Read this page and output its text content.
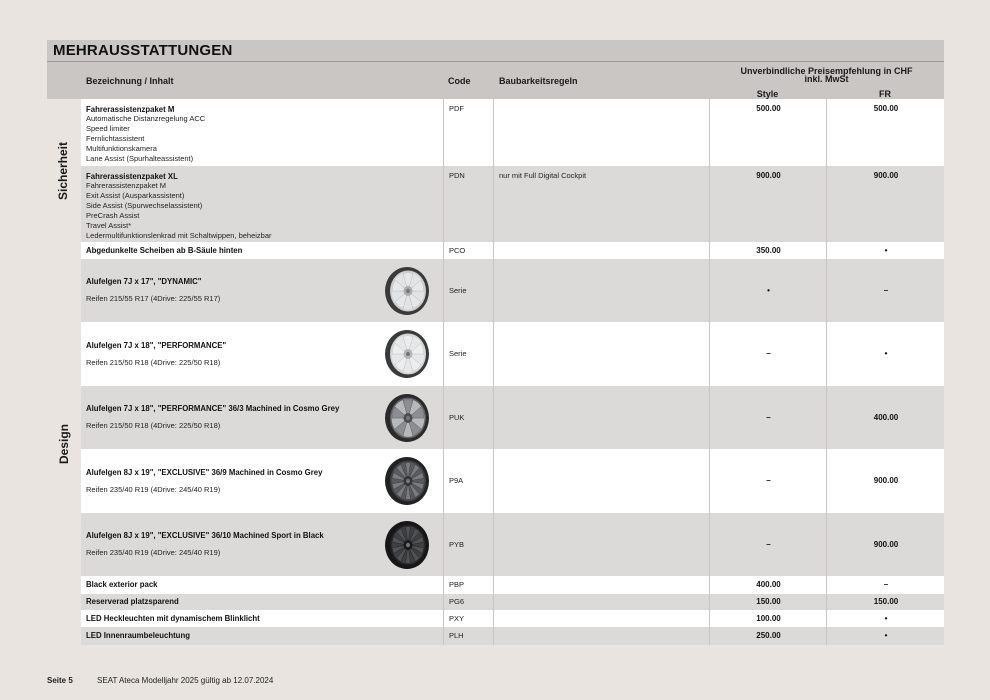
MEHRAUSSTATTUNGEN
Bezeichnung / Inhalt	Code	Baubarkeitsregeln
Unverbindliche Preisempfehlung in CHF
inkl. MwSt
Style	FR
Sicherheit
Design
Fahrerassistenzpaket M
Automatische Distanzregelung ACC
Speed limiter
Fernlichtassistent
Multifunktionskamera
Lane Assist (Spurhalteassistent)
PDF	500.00	500.00
Fahrerassistenzpaket XL
Fahrerassistenzpaket M
Exit Assist (Ausparkassistent)
Side Assist (Spurwechselassistent)
PreCrash Assist
Travel Assist*
Ledermultifunktionslenkrad mit Schaltwippen, beheizbar
PDN	nur mit Full Digital Cockpit	900.00	900.00
Abgedunkelte Scheiben ab B-Säule hinten	PCO	350.00	•
Alufelgen 7J x 17", "DYNAMIC"
Reifen 215/55 R17 (4Drive: 225/55 R17)
Serie	•	–
Alufelgen 7J x 18", "PERFORMANCE"
Reifen 215/50 R18 (4Drive: 225/50 R18)
Serie	–	•
Alufelgen 7J x 18", "PERFORMANCE" 36/3 Machined in Cosmo Grey
Reifen 215/50 R18 (4Drive: 225/50 R18)
PUK	–	400.00
Alufelgen 8J x 19", "EXCLUSIVE" 36/9 Machined in Cosmo Grey
Reifen 235/40 R19 (4Drive: 245/40 R19)
P9A	–	900.00
Alufelgen 8J x 19", "EXCLUSIVE" 36/10 Machined Sport in Black
Reifen 235/40 R19 (4Drive: 245/40 R19)
PYB	–	900.00
Black exterior pack	PBP	400.00	–
Reserverad platzsparend	PG6	150.00	150.00
LED Heckleuchten mit dynamischem Blinklicht	PXY	100.00	•
LED Innenraumbeleuchtung	PLH	250.00	•
Seite 5	SEAT Ateca Modelljahr 2025 gültig ab 12.07.2024
